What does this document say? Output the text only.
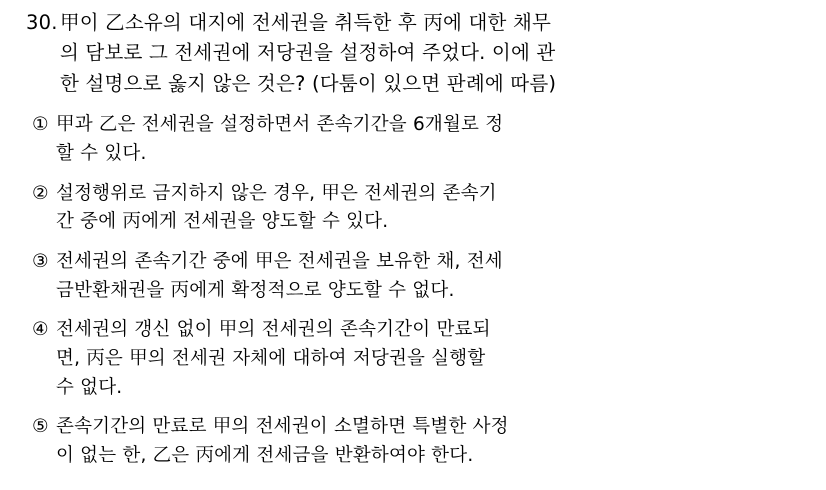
30. 甲이 乙소유의 대지에 전세권을 취득한 후 丙에 대한 채무
의 담보로 그 전세권에 저당권을 설정하여 주었다. 이에 관
한 설명으로 옳지 않은 것은? (다툼이 있으면 판례에 따름)
① 甲과 乙은 전세권을 설정하면서 존속기간을 6개월로 정
할 수 있다.
② 설정행위로 금지하지 않은 경우, 甲은 전세권의 존속기
간 중에 丙에게 전세권을 양도할 수 있다.
③ 전세권의 존속기간 중에 甲은 전세권을 보유한 채, 전세
금반환채권을 丙에게 확정적으로 양도할 수 없다.
④ 전세권의 갱신 없이 甲의 전세권의 존속기간이 만료되
면, 丙은 甲의 전세권 자체에 대하여 저당권을 실행할
수 없다.
⑤ 존속기간의 만료로 甲의 전세권이 소멸하면 특별한 사정
이 없는 한, 乙은 丙에게 전세금을 반환하여야 한다.
